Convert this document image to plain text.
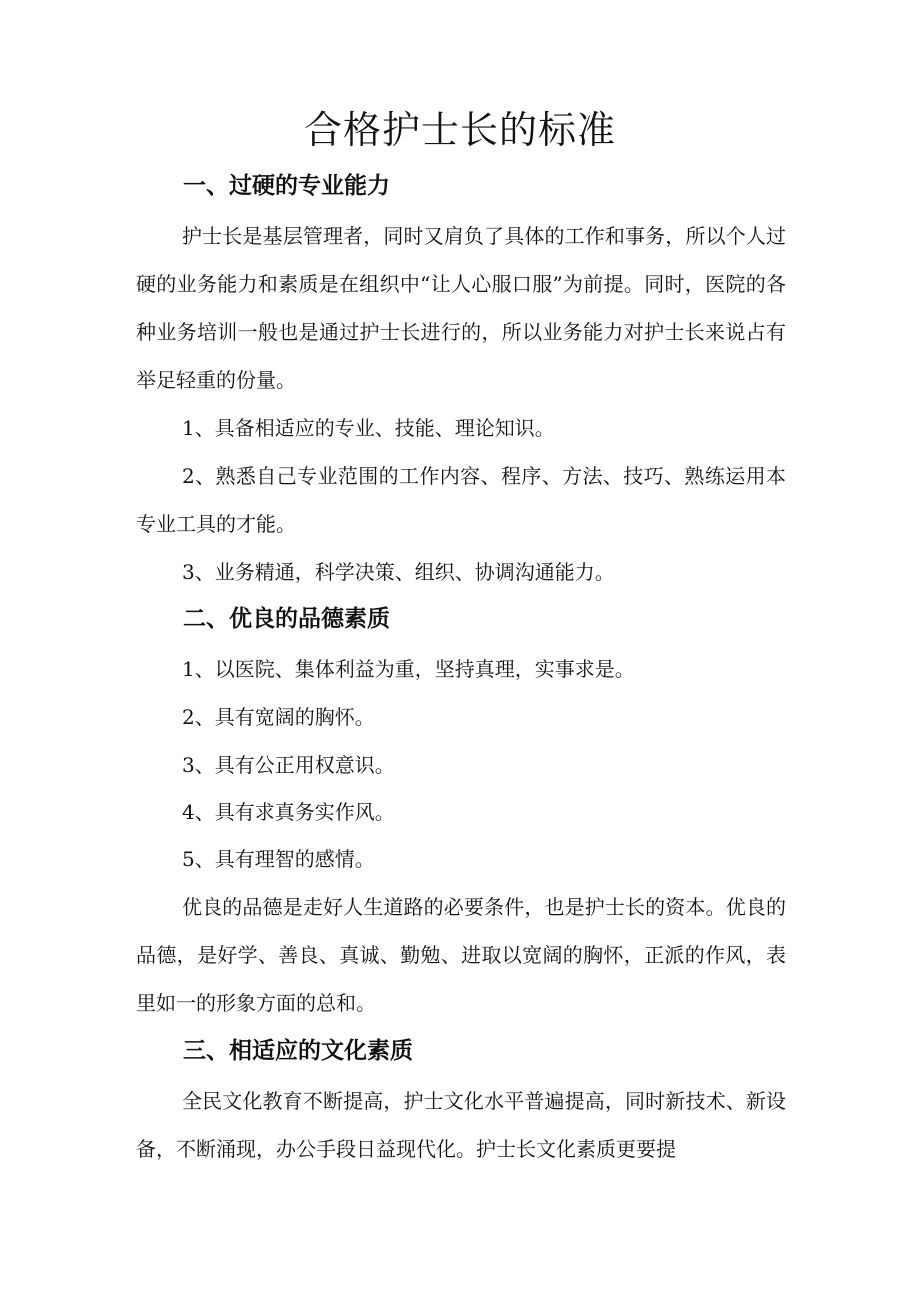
合格护士长的标准
一、过硬的专业能力

护士长是基层管理者，同时又肩负了具体的工作和事务，所以个人过硬的业务能力和素质是在组织中“让人心服口服”为前提。同时，医院的各种业务培训一般也是通过护士长进行的，所以业务能力对护士长来说占有举足轻重的份量。

1、具备相适应的专业、技能、理论知识。

2、熟悉自己专业范围的工作内容、程序、方法、技巧、熟练运用本专业工具的才能。

3、业务精通，科学决策、组织、协调沟通能力。

二、优良的品德素质

1、以医院、集体利益为重，坚持真理，实事求是。

2、具有宽阔的胸怀。

3、具有公正用权意识。

4、具有求真务实作风。

5、具有理智的感情。

优良的品德是走好人生道路的必要条件，也是护士长的资本。优良的品德，是好学、善良、真诚、勤勉、进取以宽阔的胸怀，正派的作风，表里如一的形象方面的总和。

三、相适应的文化素质

全民文化教育不断提高，护士文化水平普遍提高，同时新技术、新设备，不断涌现，办公手段日益现代化。护士长文化素质更要提
